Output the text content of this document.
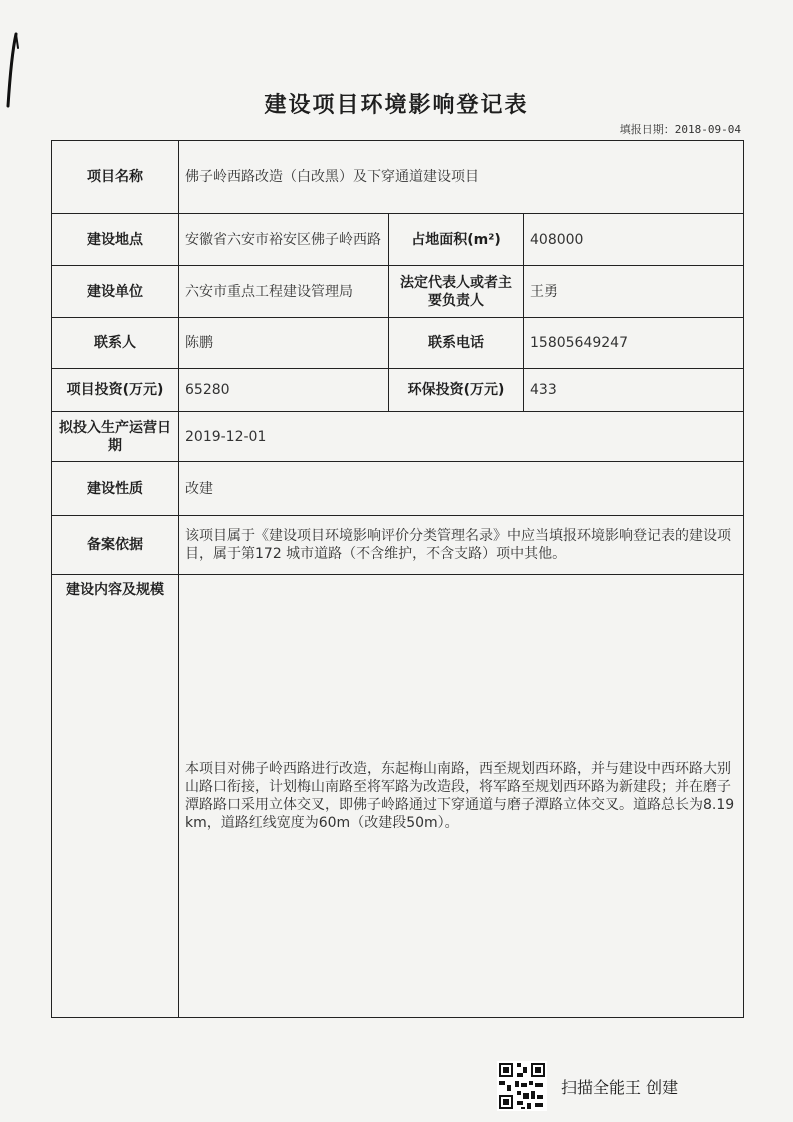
建设项目环境影响登记表
填报日期：2018-09-04
项目名称	佛子岭西路改造（白改黑）及下穿通道建设项目		
建设地点	安徽省六安市裕安区佛子岭西路	占地面积(m²)	408000
建设单位	六安市重点工程建设管理局	法定代表人或者主要负责人	王勇
联系人	陈鹏	联系电话	15805649247
项目投资(万元)	65280	环保投资(万元)	433
拟投入生产运营日期	2019-12-01		
建设性质	改建		
备案依据	该项目属于《建设项目环境影响评价分类管理名录》中应当填报环境影响登记表的建设项目，属于第172 城市道路（不含维护，不含支路）项中其他。		
建设内容及规模	本项目对佛子岭西路进行改造，东起梅山南路，西至规划西环路，并与建设中西环路大别山路口衔接，计划梅山南路至将军路为改造段，将军路至规划西环路为新建段；并在磨子潭路路口采用立体交叉，即佛子岭路通过下穿通道与磨子潭路立体交叉。道路总长为8.19km，道路红线宽度为60m（改建段50m）。		
扫描全能王 创建
